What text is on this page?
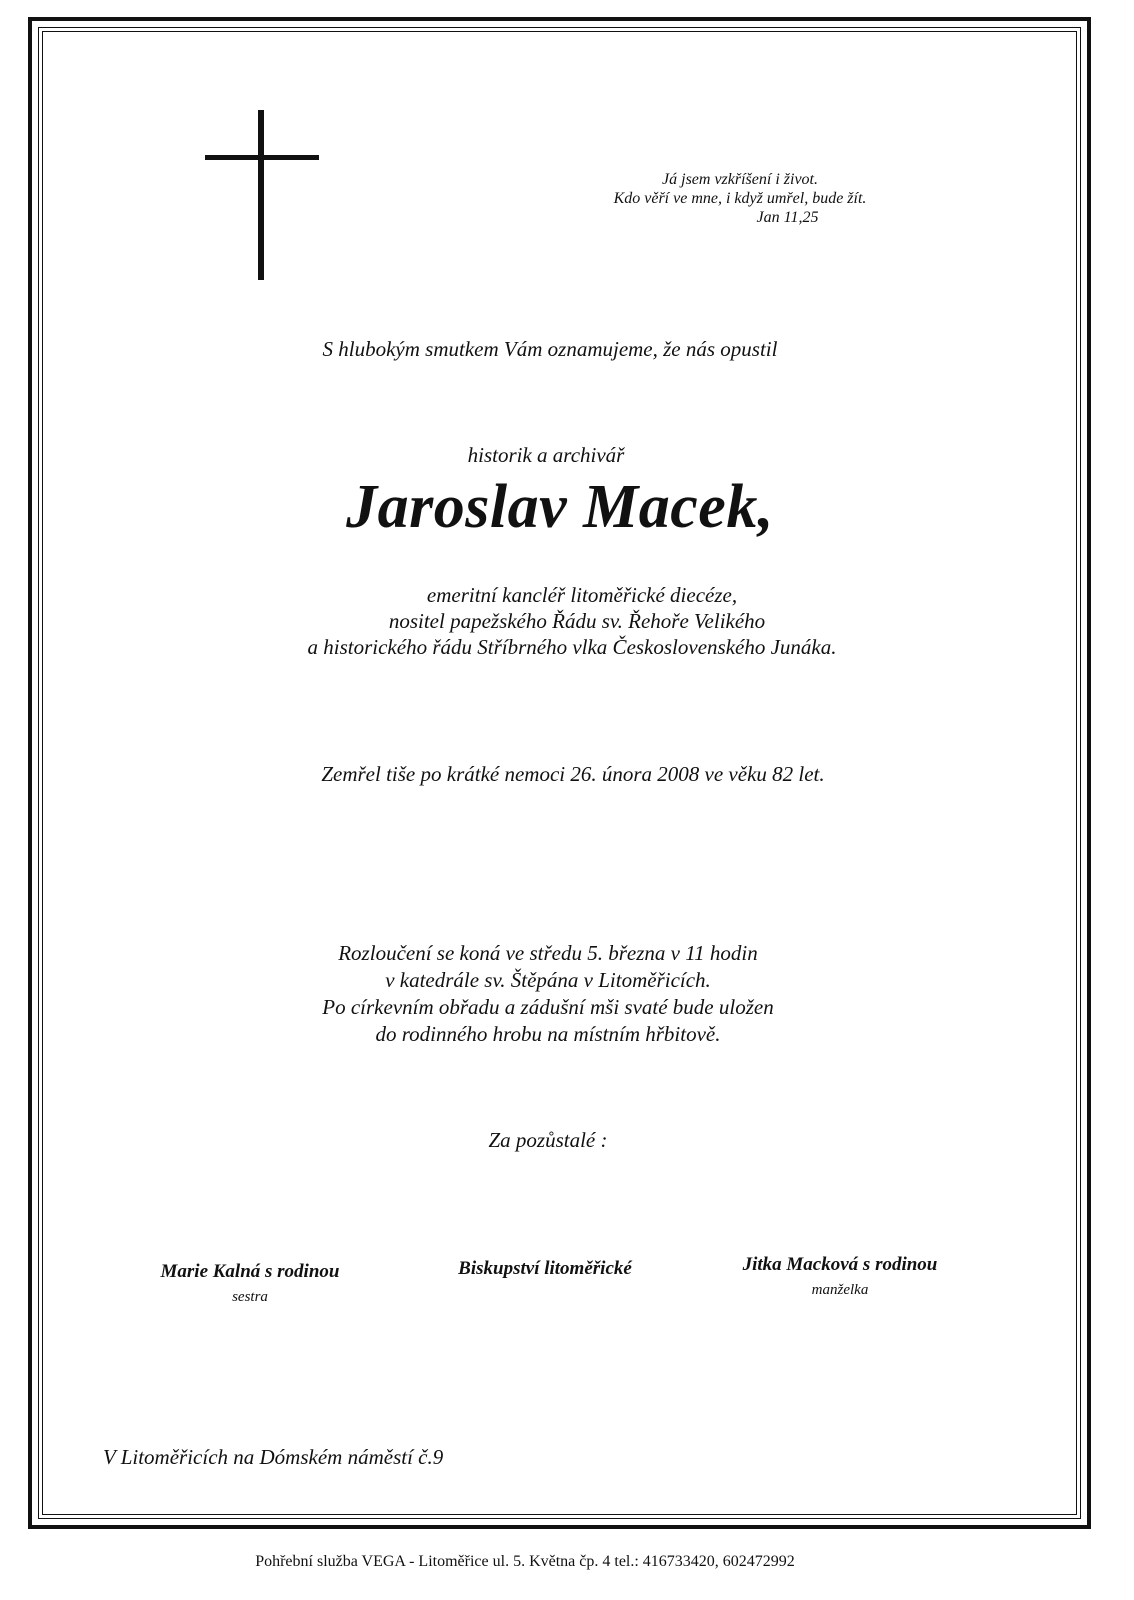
Já jsem vzkříšení i život.
Kdo věří ve mne, i když umřel, bude žít.
Jan 11,25
S hlubokým smutkem Vám oznamujeme, že nás opustil
historik a archivář
Jaroslav Macek,
emeritní kancléř litoměřické diecéze,
nositel papežského Řádu sv. Řehoře Velikého
a historického řádu Stříbrného vlka Československého Junáka.
Zemřel tiše po krátké nemoci 26. února 2008 ve věku 82 let.
Rozloučení se koná ve středu 5. března v 11 hodin
v katedrále sv. Štěpána v Litoměřicích.
Po církevním obřadu a zádušní mši svaté bude uložen
do rodinného hrobu na místním hřbitově.
Za pozůstalé :
Marie Kalná s rodinou
sestra
Biskupství litoměřické	Jitka Macková s rodinou
manželka
V Litoměřicích na Dómském náměstí č.9
Pohřební služba VEGA - Litoměřice ul. 5. Května čp. 4 tel.: 416733420, 602472992
